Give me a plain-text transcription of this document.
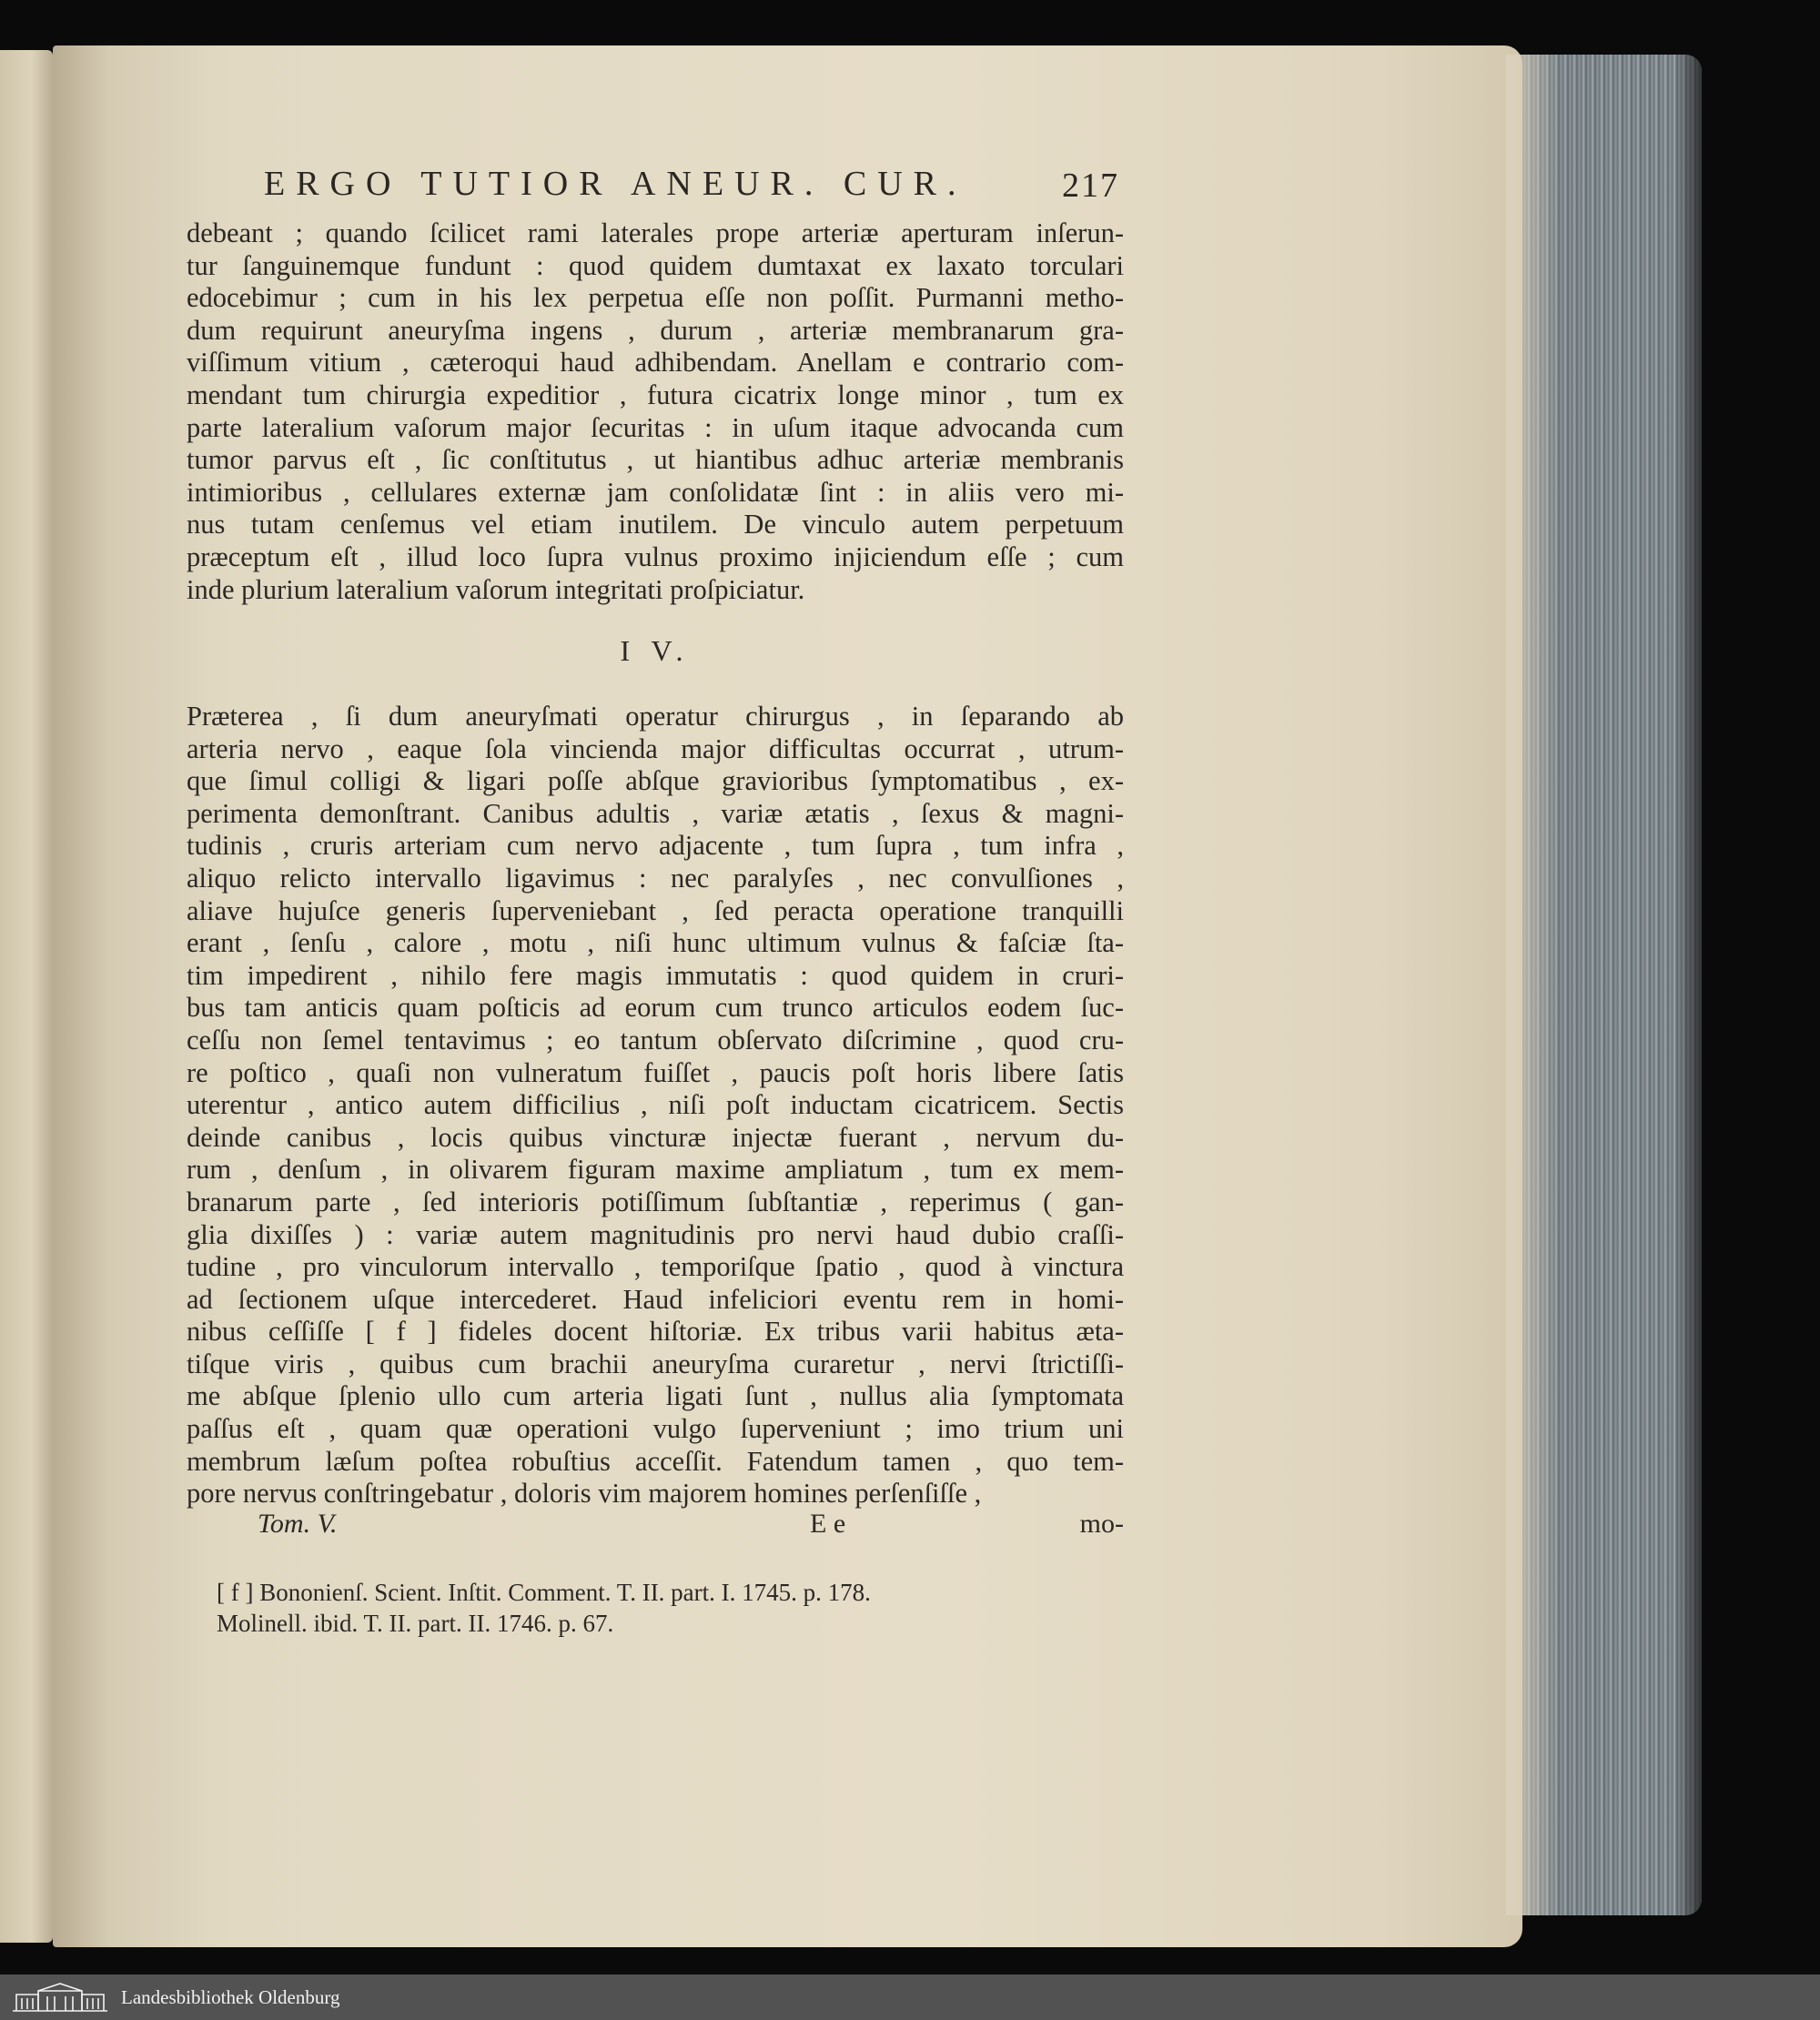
ERGO TUTIOR ANEUR. CUR.	217
debeant ; quando ſcilicet rami laterales prope arteriæ aperturam inſerun-
tur ſanguinemque fundunt : quod quidem dumtaxat ex laxato torculari
edocebimur ; cum in his lex perpetua eſſe non poſſit. Purmanni metho-
dum requirunt aneuryſma ingens , durum , arteriæ membranarum gra-
viſſimum vitium , cæteroqui haud adhibendam. Anellam e contrario com-
mendant tum chirurgia expeditior , futura cicatrix longe minor , tum ex
parte lateralium vaſorum major ſecuritas : in uſum itaque advocanda cum
tumor parvus eſt , ſic conſtitutus , ut hiantibus adhuc arteriæ membranis
intimioribus , cellulares externæ jam conſolidatæ ſint : in aliis vero mi-
nus tutam cenſemus vel etiam inutilem. De vinculo autem perpetuum
præceptum eſt , illud loco ſupra vulnus proximo injiciendum eſſe ; cum
inde plurium lateralium vaſorum integritati proſpiciatur.
I V.
Præterea , ſi dum aneuryſmati operatur chirurgus , in ſeparando ab
arteria nervo , eaque ſola vincienda major difficultas occurrat , utrum-
que ſimul colligi & ligari poſſe abſque gravioribus ſymptomatibus , ex-
perimenta demonſtrant. Canibus adultis , variæ ætatis , ſexus & magni-
tudinis , cruris arteriam cum nervo adjacente , tum ſupra , tum infra ,
aliquo relicto intervallo ligavimus : nec paralyſes , nec convulſiones ,
aliave hujuſce generis ſuperveniebant , ſed peracta operatione tranquilli
erant , ſenſu , calore , motu , niſi hunc ultimum vulnus & faſciæ ſta-
tim impedirent , nihilo fere magis immutatis : quod quidem in cruri-
bus tam anticis quam poſticis ad eorum cum trunco articulos eodem ſuc-
ceſſu non ſemel tentavimus ; eo tantum obſervato diſcrimine , quod cru-
re poſtico , quaſi non vulneratum fuiſſet , paucis poſt horis libere ſatis
uterentur , antico autem difficilius , niſi poſt inductam cicatricem. Sectis
deinde canibus , locis quibus vincturæ injectæ fuerant , nervum du-
rum , denſum , in olivarem figuram maxime ampliatum , tum ex mem-
branarum parte , ſed interioris potiſſimum ſubſtantiæ , reperimus ( gan-
glia dixiſſes ) : variæ autem magnitudinis pro nervi haud dubio craſſi-
tudine , pro vinculorum intervallo , temporiſque ſpatio , quod à vinctura
ad ſectionem uſque intercederet. Haud infeliciori eventu rem in homi-
nibus ceſſiſſe [ f ] fideles docent hiſtoriæ. Ex tribus varii habitus æta-
tiſque viris , quibus cum brachii aneuryſma curaretur , nervi ſtrictiſſi-
me abſque ſplenio ullo cum arteria ligati ſunt , nullus alia ſymptomata
paſſus eſt , quam quæ operationi vulgo ſuperveniunt ; imo trium uni
membrum læſum poſtea robuſtius acceſſit. Fatendum tamen , quo tem-
pore nervus conſtringebatur , doloris vim majorem homines perſenſiſſe ,
Tom. V.	E e	mo-
[ f ] Bononienſ. Scient. Inſtit. Comment. T. II. part. I. 1745. p. 178.
Molinell. ibid. T. II. part. II. 1746. p. 67.
Landesbibliothek Oldenburg
